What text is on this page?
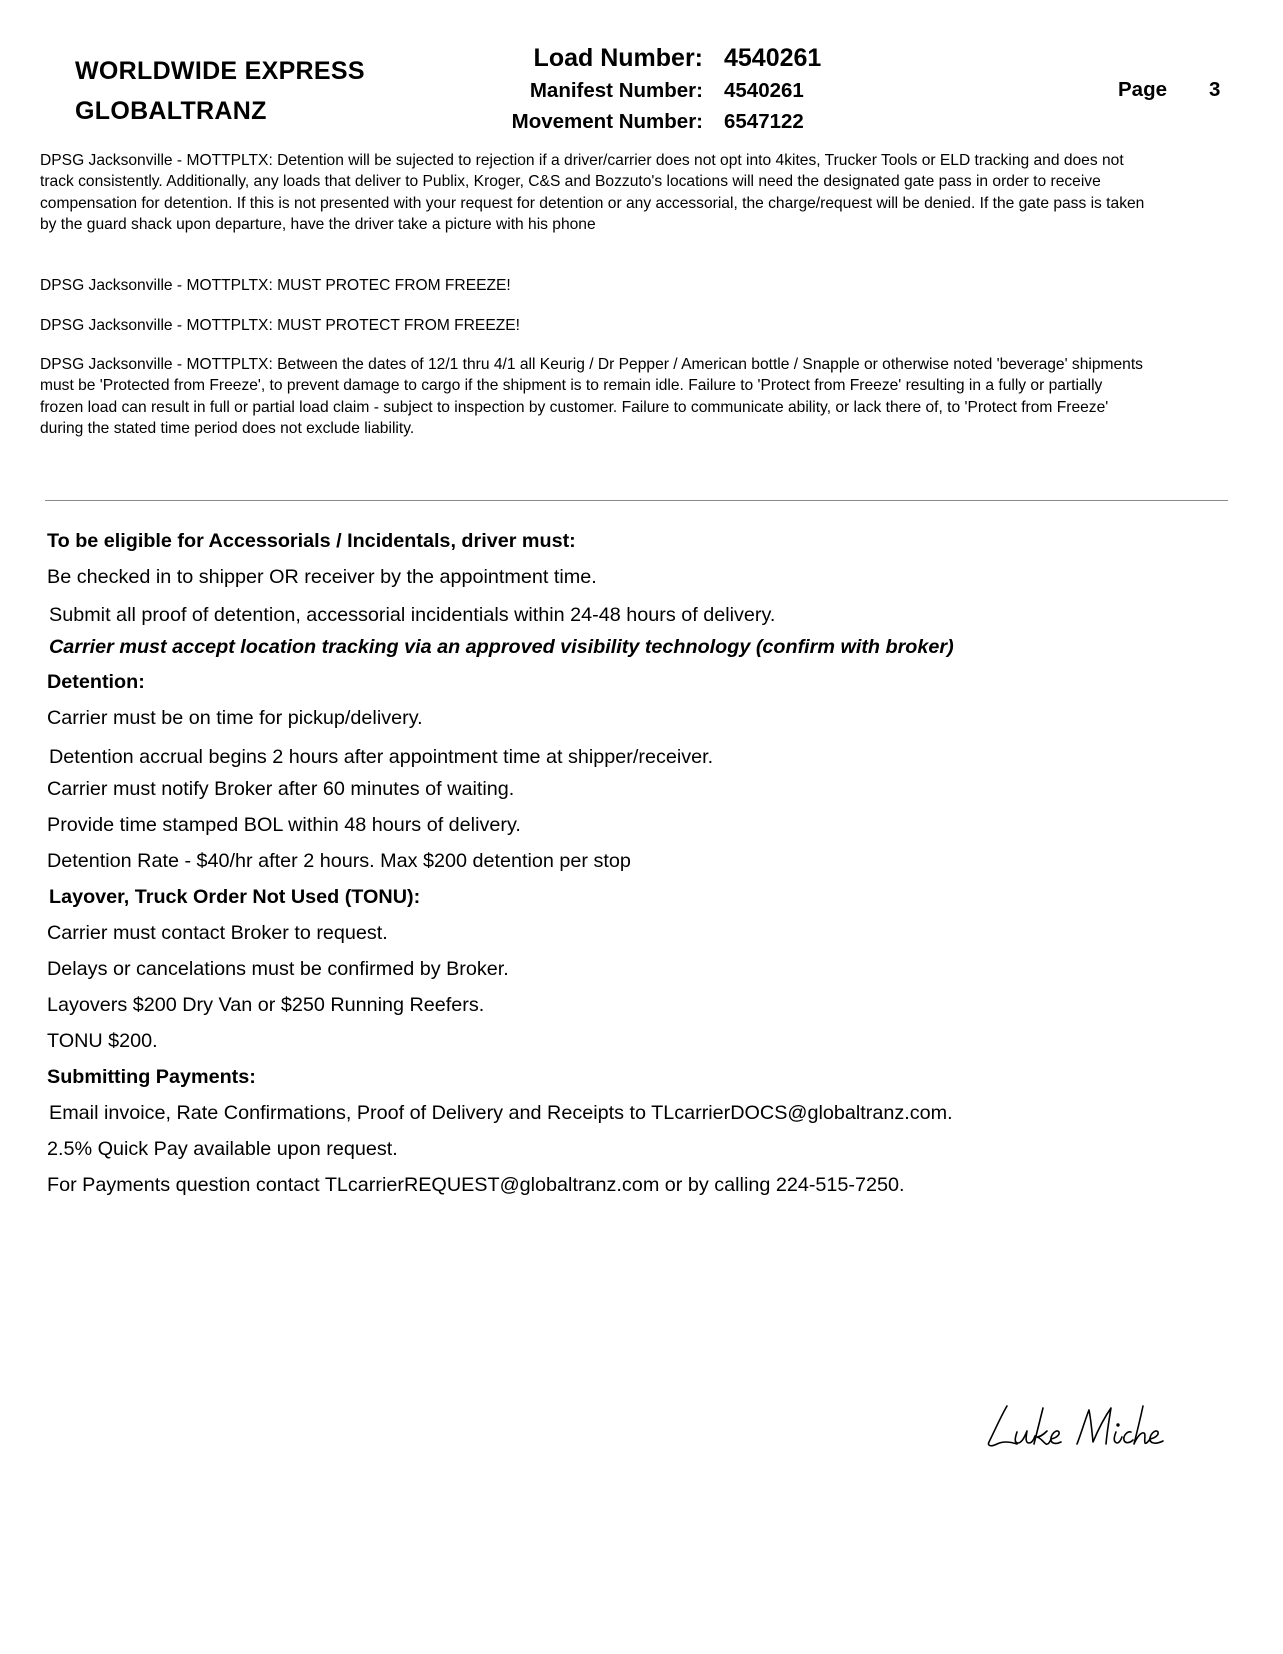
WORLDWIDE EXPRESS
GLOBALTRANZ
Load Number: 4540261
Manifest Number: 4540261
Movement Number: 6547122
Page 3
DPSG Jacksonville - MOTTPLTX: Detention will be sujected to rejection if a driver/carrier does not opt into 4kites, Trucker Tools or ELD tracking and does not track consistently. Additionally, any loads that deliver to Publix, Kroger, C&S and Bozzuto's locations will need the designated gate pass in order to receive compensation for detention. If this is not presented with your request for detention or any accessorial, the charge/request will be denied. If the gate pass is taken by the guard shack upon departure, have the driver take a picture with his phone
DPSG Jacksonville - MOTTPLTX: MUST PROTEC FROM FREEZE!
DPSG Jacksonville - MOTTPLTX: MUST PROTECT FROM FREEZE!
DPSG Jacksonville - MOTTPLTX: Between the dates of 12/1 thru 4/1 all Keurig / Dr Pepper / American bottle / Snapple or otherwise noted 'beverage' shipments must be 'Protected from Freeze', to prevent damage to cargo if the shipment is to remain idle. Failure to 'Protect from Freeze' resulting in a fully or partially frozen load can result in full or partial load claim - subject to inspection by customer. Failure to communicate ability, or lack there of, to 'Protect from Freeze' during the stated time period does not exclude liability.
To be eligible for Accessorials / Incidentals, driver must:
Be checked in to shipper OR receiver by the appointment time.
Submit all proof of detention, accessorial incidentials within 24-48 hours of delivery.
Carrier must accept location tracking via an approved visibility technology (confirm with broker)
Detention:
Carrier must be on time for pickup/delivery.
Detention accrual begins 2 hours after appointment time at shipper/receiver.
Carrier must notify Broker after 60 minutes of waiting.
Provide time stamped BOL within 48 hours of delivery.
Detention Rate - $40/hr after 2 hours. Max $200 detention per stop
Layover, Truck Order Not Used (TONU):
Carrier must contact Broker to request.
Delays or cancelations must be confirmed by Broker.
Layovers $200 Dry Van or $250 Running Reefers.
TONU $200.
Submitting Payments:
Email invoice, Rate Confirmations, Proof of Delivery and Receipts to TLcarrierDOCS@globaltranz.com.
2.5% Quick Pay available upon request.
For Payments question contact TLcarrierREQUEST@globaltranz.com or by calling 224-515-7250.
